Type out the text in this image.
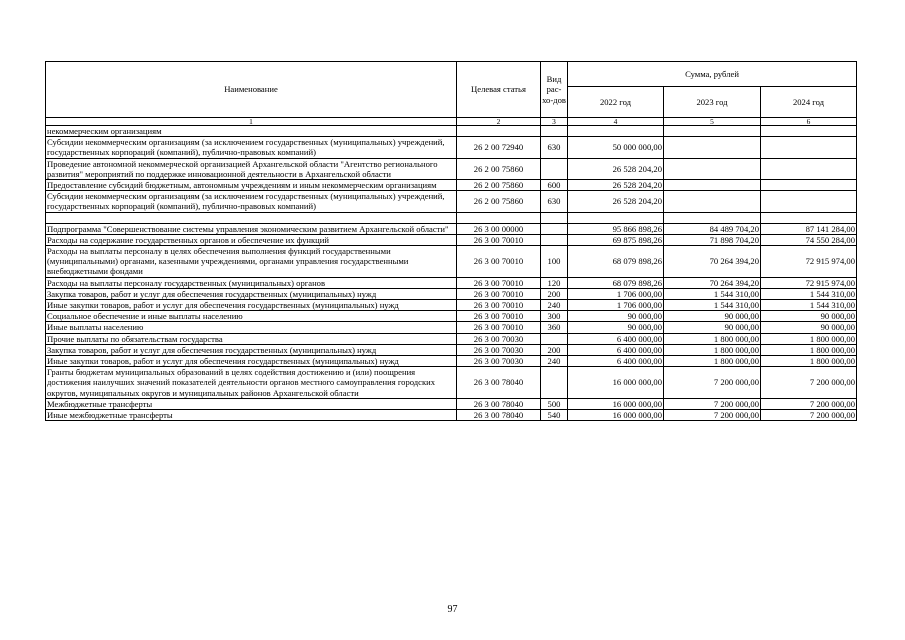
Наименование	Целевая статья	Вид рас-хо-дов	Сумма, рублей		
			2022 год	2023 год	2024 год
1	2	3	4	5	6
некоммерческим организациям					
Субсидии некоммерческим организациям (за исключением государственных (муниципальных) учреждений, государственных корпораций (компаний), публично-правовых компаний)	26 2 00 72940	630	50 000 000,00		
Проведение автономной некоммерческой организацией Архангельской области "Агентство регионального развития" мероприятий по поддержке инновационной деятельности в Архангельской области	26 2 00 75860		26 528 204,20		
Предоставление субсидий бюджетным, автономным учреждениям и иным некоммерческим организациям	26 2 00 75860	600	26 528 204,20		
Субсидии некоммерческим организациям (за исключением государственных (муниципальных) учреждений, государственных корпораций (компаний), публично-правовых компаний)	26 2 00 75860	630	26 528 204,20		

Подпрограмма "Совершенствование системы управления экономическим развитием Архангельской области"	26 3 00 00000		95 866 898,26	84 489 704,20	87 141 284,00
Расходы на содержание государственных органов и обеспечение их функций	26 3 00 70010		69 875 898,26	71 898 704,20	74 550 284,00
Расходы на выплаты персоналу в целях обеспечения выполнения функций государственными (муниципальными) органами, казенными учреждениями, органами управления государственными внебюджетными фондами	26 3 00 70010	100	68 079 898,26	70 264 394,20	72 915 974,00
Расходы на выплаты персоналу государственных (муниципальных) органов	26 3 00 70010	120	68 079 898,26	70 264 394,20	72 915 974,00
Закупка товаров, работ и услуг для обеспечения государственных (муниципальных) нужд	26 3 00 70010	200	1 706 000,00	1 544 310,00	1 544 310,00
Иные закупки товаров, работ и услуг для обеспечения государственных (муниципальных) нужд	26 3 00 70010	240	1 706 000,00	1 544 310,00	1 544 310,00
Социальное обеспечение и иные выплаты населению	26 3 00 70010	300	90 000,00	90 000,00	90 000,00
Иные выплаты населению	26 3 00 70010	360	90 000,00	90 000,00	90 000,00
Прочие выплаты по обязательствам государства	26 3 00 70030		6 400 000,00	1 800 000,00	1 800 000,00
Закупка товаров, работ и услуг для обеспечения государственных (муниципальных) нужд	26 3 00 70030	200	6 400 000,00	1 800 000,00	1 800 000,00
Иные закупки товаров, работ и услуг для обеспечения государственных (муниципальных) нужд	26 3 00 70030	240	6 400 000,00	1 800 000,00	1 800 000,00
Гранты бюджетам муниципальных образований в целях содействия достижению и (или) поощрения достижения наилучших значений показателей деятельности органов местного самоуправления городских округов, муниципальных округов и муниципальных районов Архангельской области	26 3 00 78040		16 000 000,00	7 200 000,00	7 200 000,00
Межбюджетные трансферты	26 3 00 78040	500	16 000 000,00	7 200 000,00	7 200 000,00
Иные межбюджетные трансферты	26 3 00 78040	540	16 000 000,00	7 200 000,00	7 200 000,00
97
